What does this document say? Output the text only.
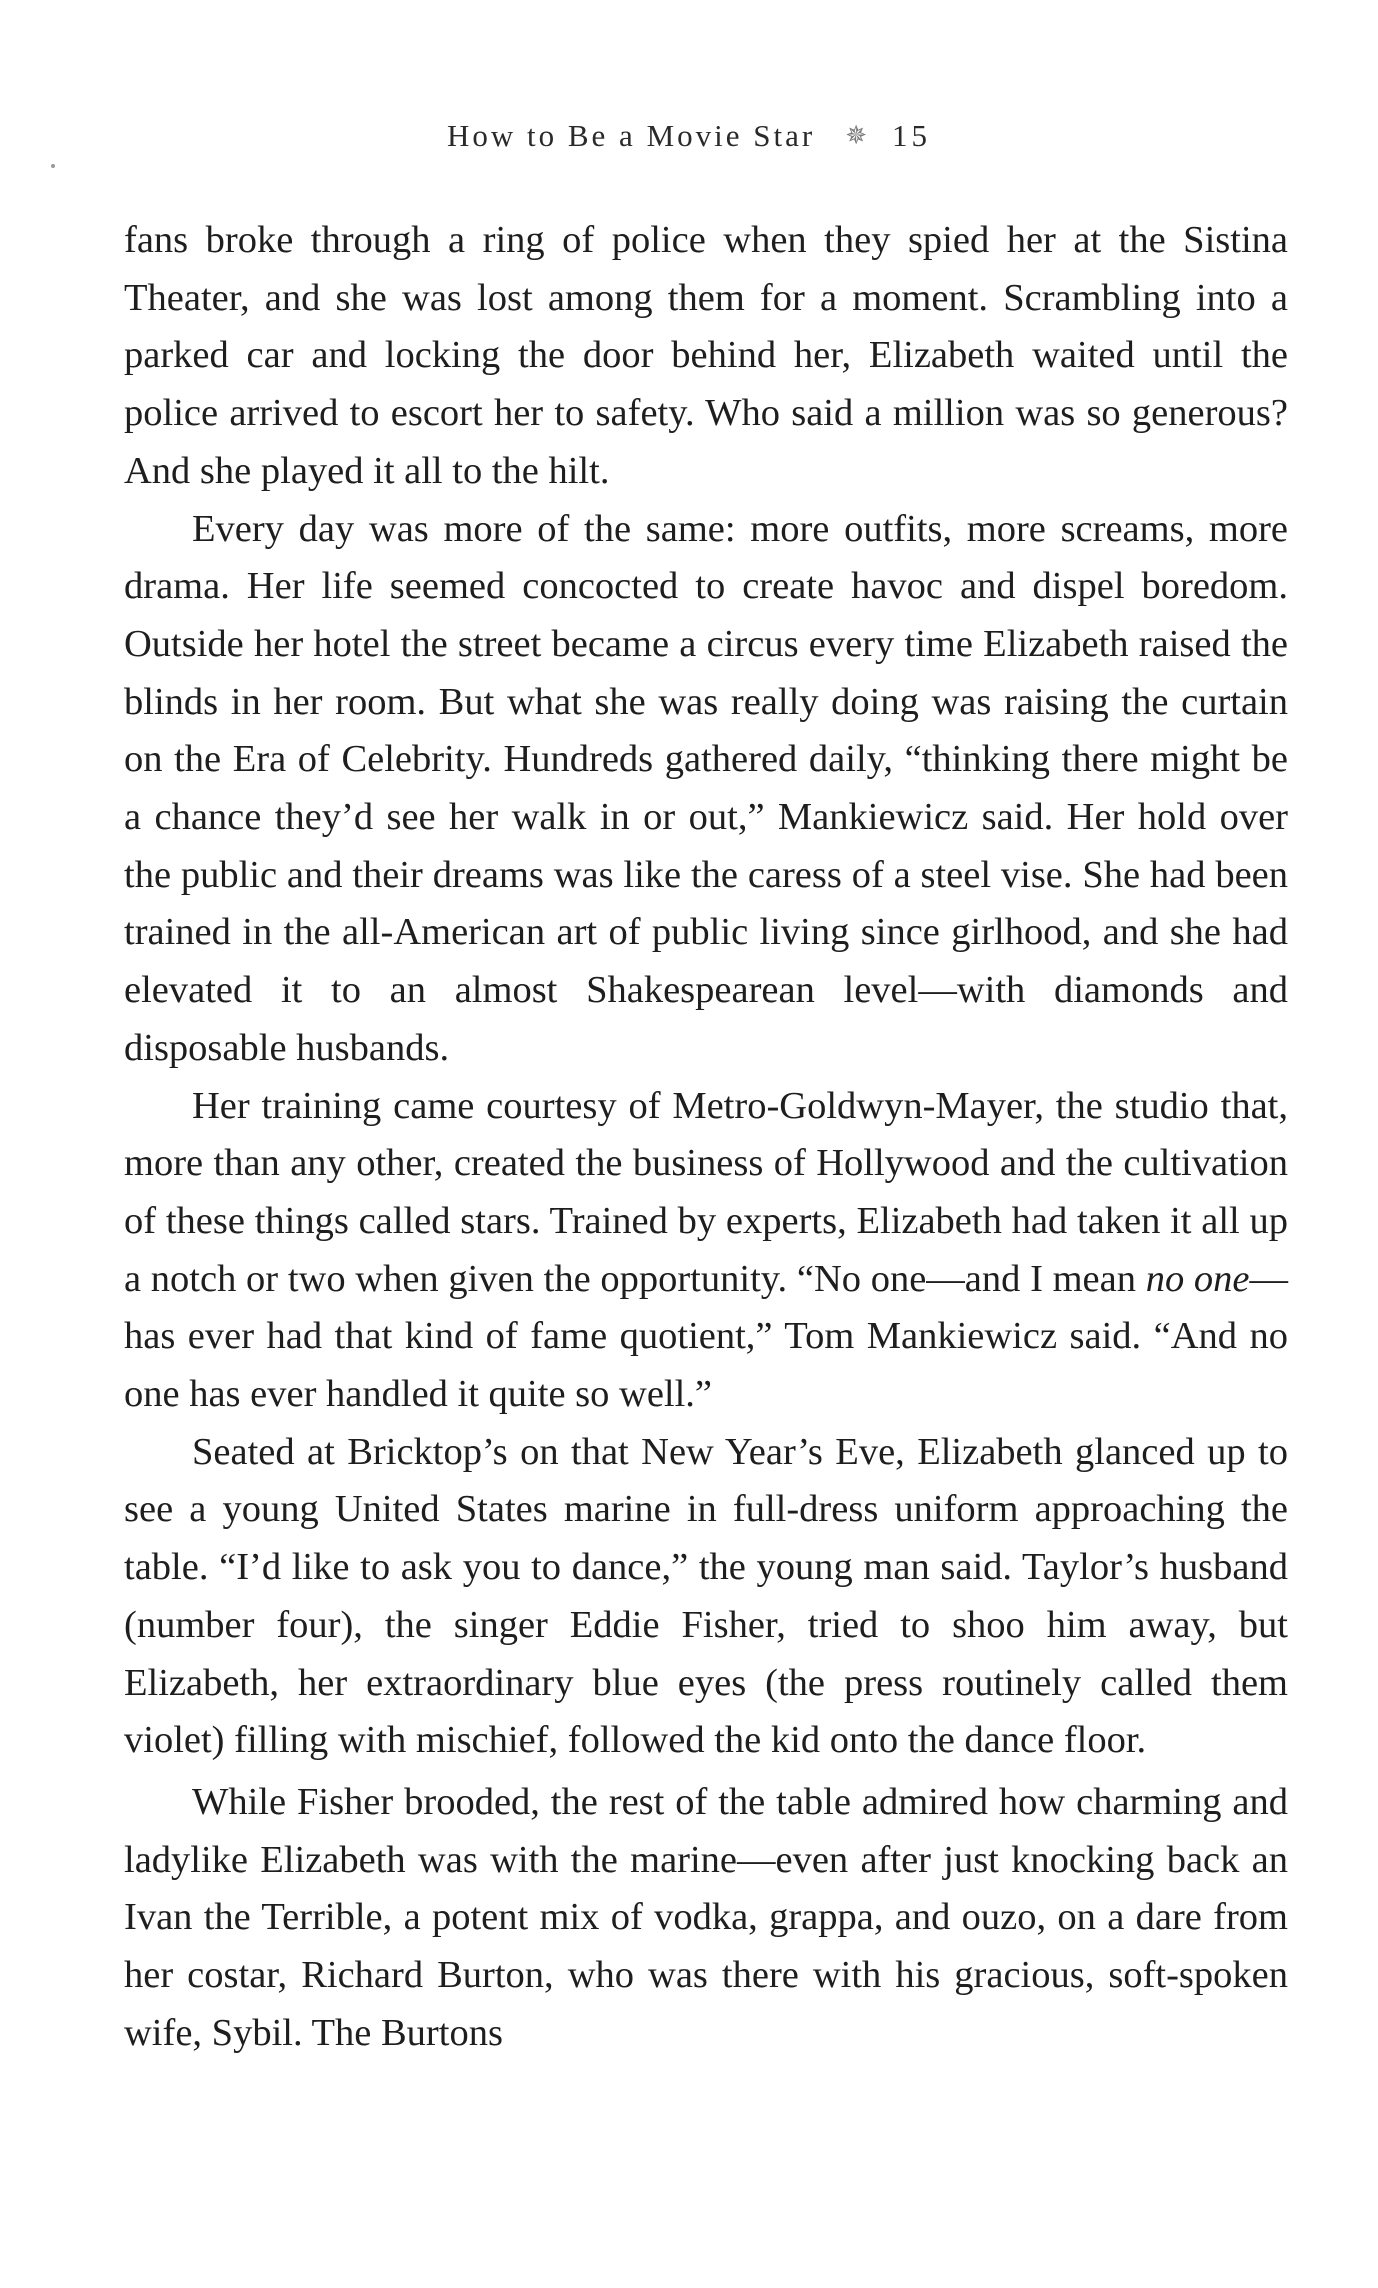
How to Be a Movie Star ✵ 15

fans broke through a ring of police when they spied her at the Sistina Theater, and she was lost among them for a moment. Scrambling into a parked car and locking the door behind her, Elizabeth waited until the police arrived to escort her to safety. Who said a million was so generous? And she played it all to the hilt.

Every day was more of the same: more outfits, more screams, more drama. Her life seemed concocted to create havoc and dispel boredom. Outside her hotel the street became a circus every time Elizabeth raised the blinds in her room. But what she was really doing was raising the curtain on the Era of Celebrity. Hundreds gathered daily, “thinking there might be a chance they’d see her walk in or out,” Mankiewicz said. Her hold over the public and their dreams was like the caress of a steel vise. She had been trained in the all-American art of public living since girlhood, and she had elevated it to an almost Shakespearean level—with diamonds and disposable husbands.

Her training came courtesy of Metro-Goldwyn-Mayer, the studio that, more than any other, created the business of Hollywood and the cultivation of these things called stars. Trained by experts, Elizabeth had taken it all up a notch or two when given the opportunity. “No one—and I mean no one—has ever had that kind of fame quotient,” Tom Mankiewicz said. “And no one has ever handled it quite so well.”

Seated at Bricktop’s on that New Year’s Eve, Elizabeth glanced up to see a young United States marine in full-dress uniform approaching the table. “I’d like to ask you to dance,” the young man said. Taylor’s husband (number four), the singer Eddie Fisher, tried to shoo him away, but Elizabeth, her extraordinary blue eyes (the press routinely called them violet) filling with mischief, followed the kid onto the dance floor.

While Fisher brooded, the rest of the table admired how charming and ladylike Elizabeth was with the marine—even after just knocking back an Ivan the Terrible, a potent mix of vodka, grappa, and ouzo, on a dare from her costar, Richard Burton, who was there with his gracious, soft-spoken wife, Sybil. The Burtons
